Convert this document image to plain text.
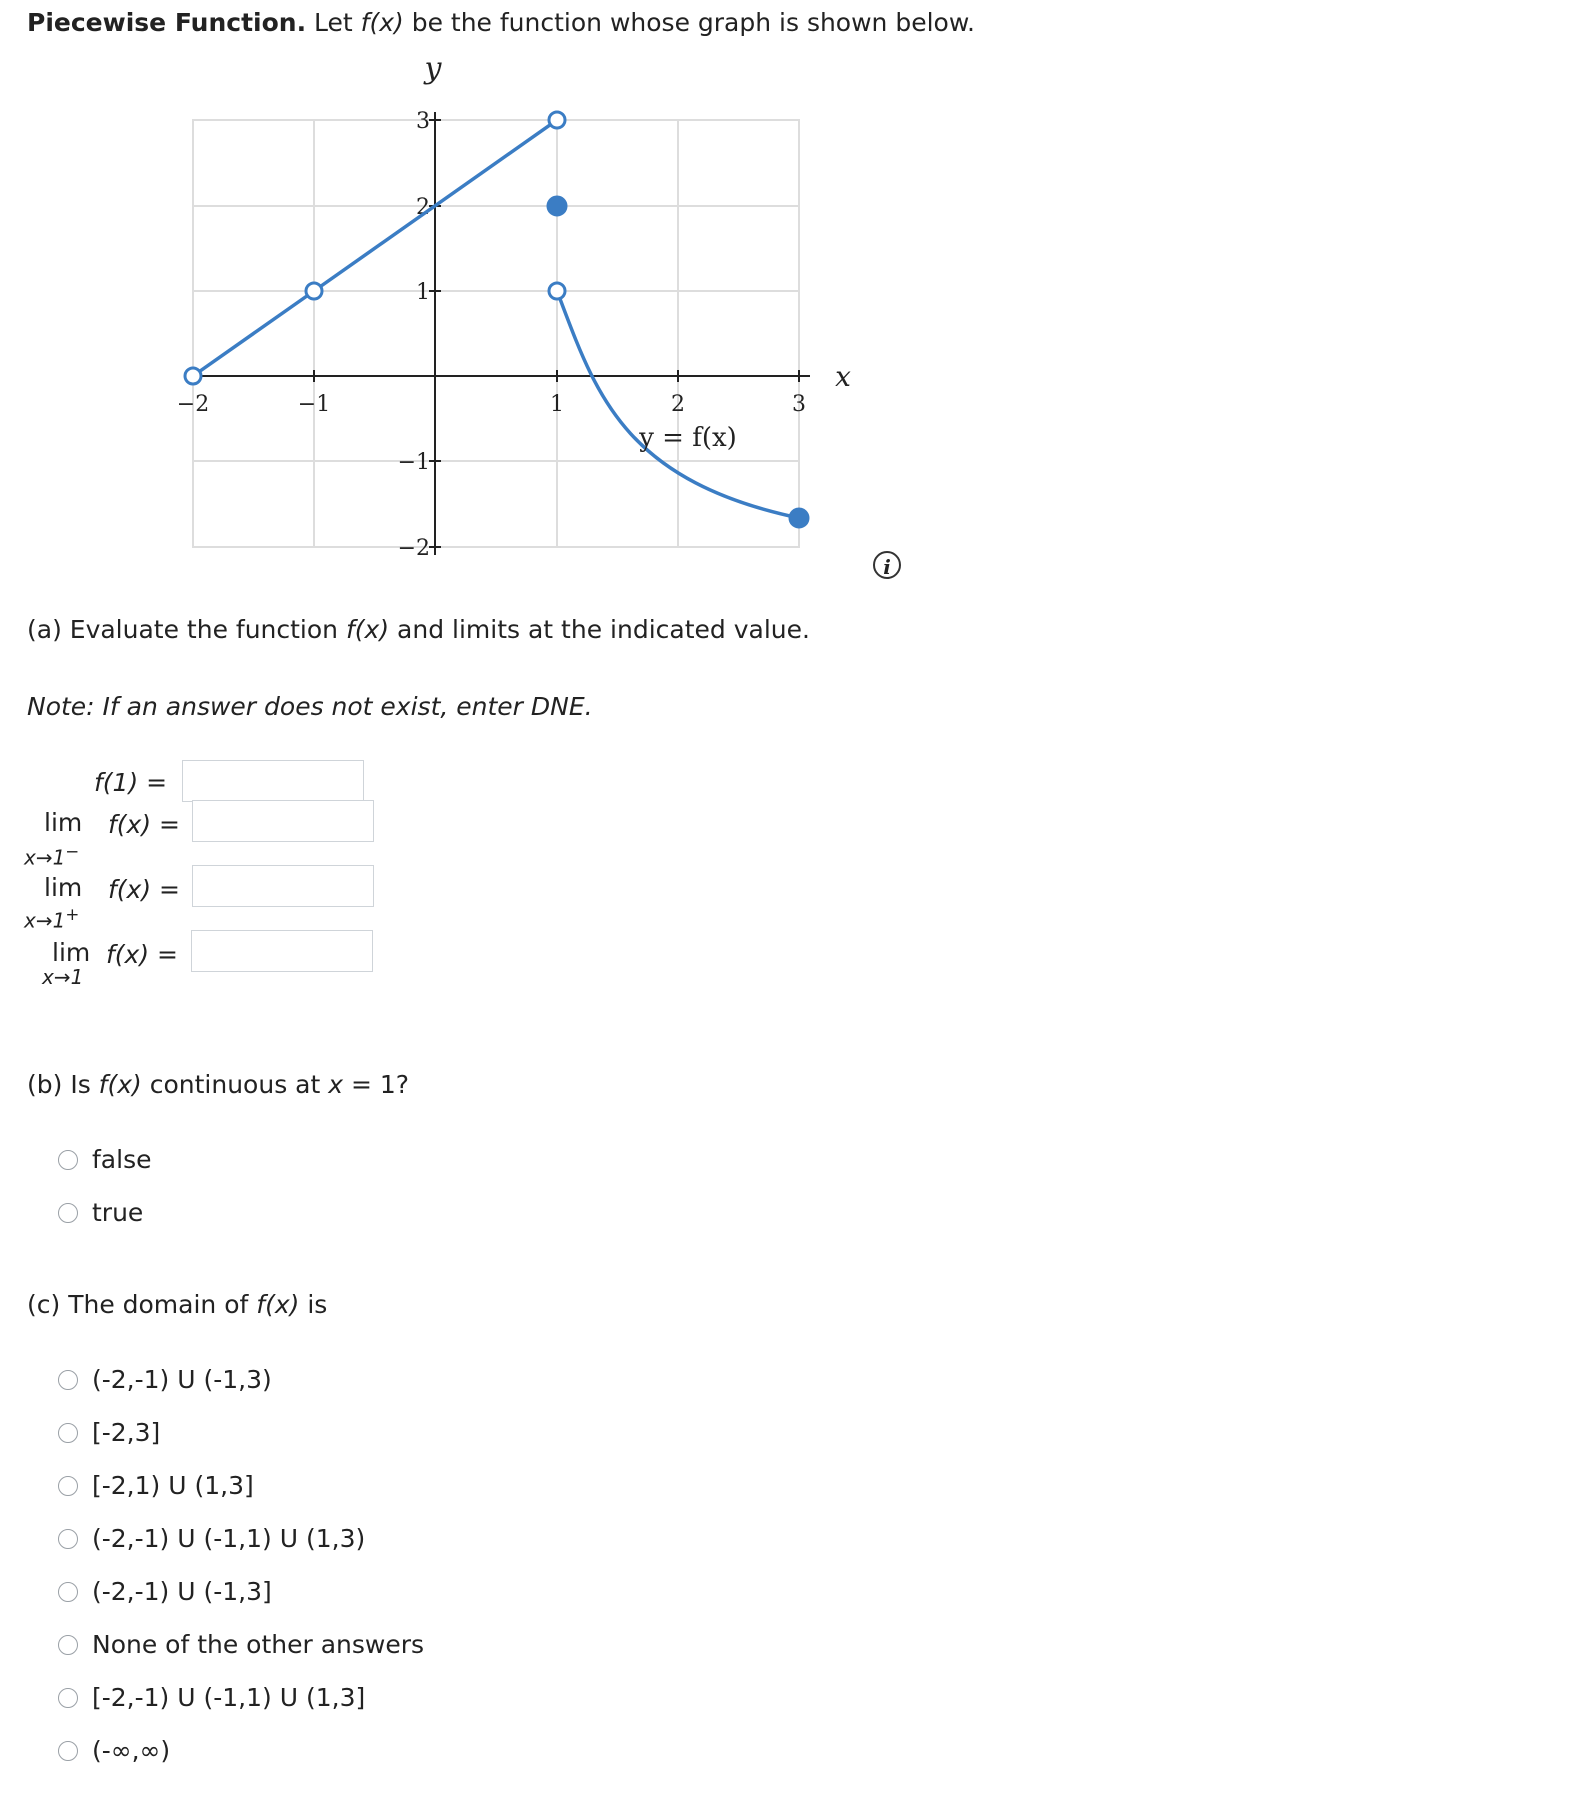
Piecewise Function. Let f(x) be the function whose graph is shown below.
y
x
−2	−1	1	2	3
3
2
1
−1
−2
y = f(x)
i
(a) Evaluate the function f(x) and limits at the indicated value.
Note: If an answer does not exist, enter DNE.
f(1) =
lim f(x) =
x→1−
lim f(x) =
x→1+
lim f(x) =
x→1
(b) Is f(x) continuous at x = 1?
false
true
(c) The domain of f(x) is
(-2,-1) U (-1,3)
[-2,3]
[-2,1) U (1,3]
(-2,-1) U (-1,1) U (1,3)
(-2,-1) U (-1,3]
None of the other answers
[-2,-1) U (-1,1) U (1,3]
(-∞,∞)
